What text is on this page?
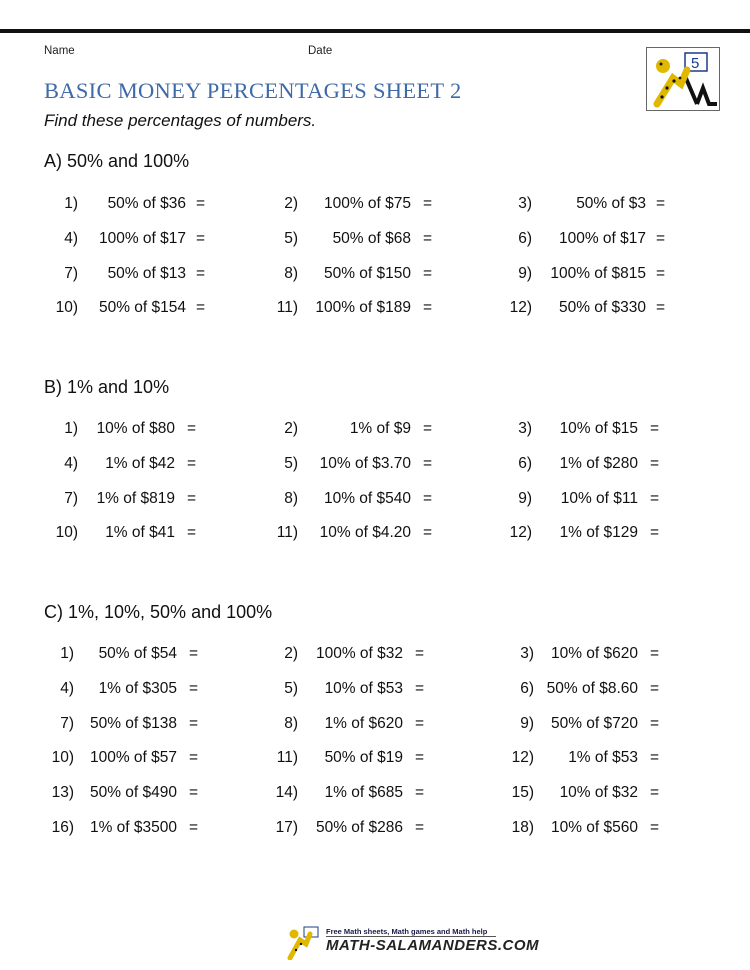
Name	Date
BASIC MONEY PERCENTAGES SHEET 2
Find these percentages of numbers.
5
A) 50% and 100%
B) 1% and 10%
C) 1%, 10%, 50% and 100%
1) 50% of $36 =	2) 100% of $75 =	3)	50% of $3 =
4) 100% of $17 =	5) 50% of $68 =	6) 100% of $17 =
7) 50% of $13 =	8) 50% of $150 =	9) 100% of $815 =
10) 50% of $154 =	11) 100% of $189 =	12) 50% of $330 =
1) 10% of $80 =	2)	1% of $9 =	3) 10% of $15 =
4) 1% of $42 =	5) 10% of $3.70 =	6) 1% of $280 =
7) 1% of $819 =	8) 10% of $540 =	9) 10% of $11 =
10) 1% of $41 =	11) 10% of $4.20 =	12) 1% of $129 =
1) 50% of $54 =	2) 100% of $32 =	3) 10% of $620 =
4) 1% of $305 =	5) 10% of $53 =	6) 50% of $8.60 =
7) 50% of $138 =	8) 1% of $620 =	9) 50% of $720 =
10) 100% of $57 =	11) 50% of $19 =	12) 1% of $53 =
13) 50% of $490 =	14) 1% of $685 =	15) 10% of $32 =
16) 1% of $3500 =	17) 50% of $286 =	18) 10% of $560 =
Free Math sheets, Math games and Math help
MATH-SALAMANDERS.COM
